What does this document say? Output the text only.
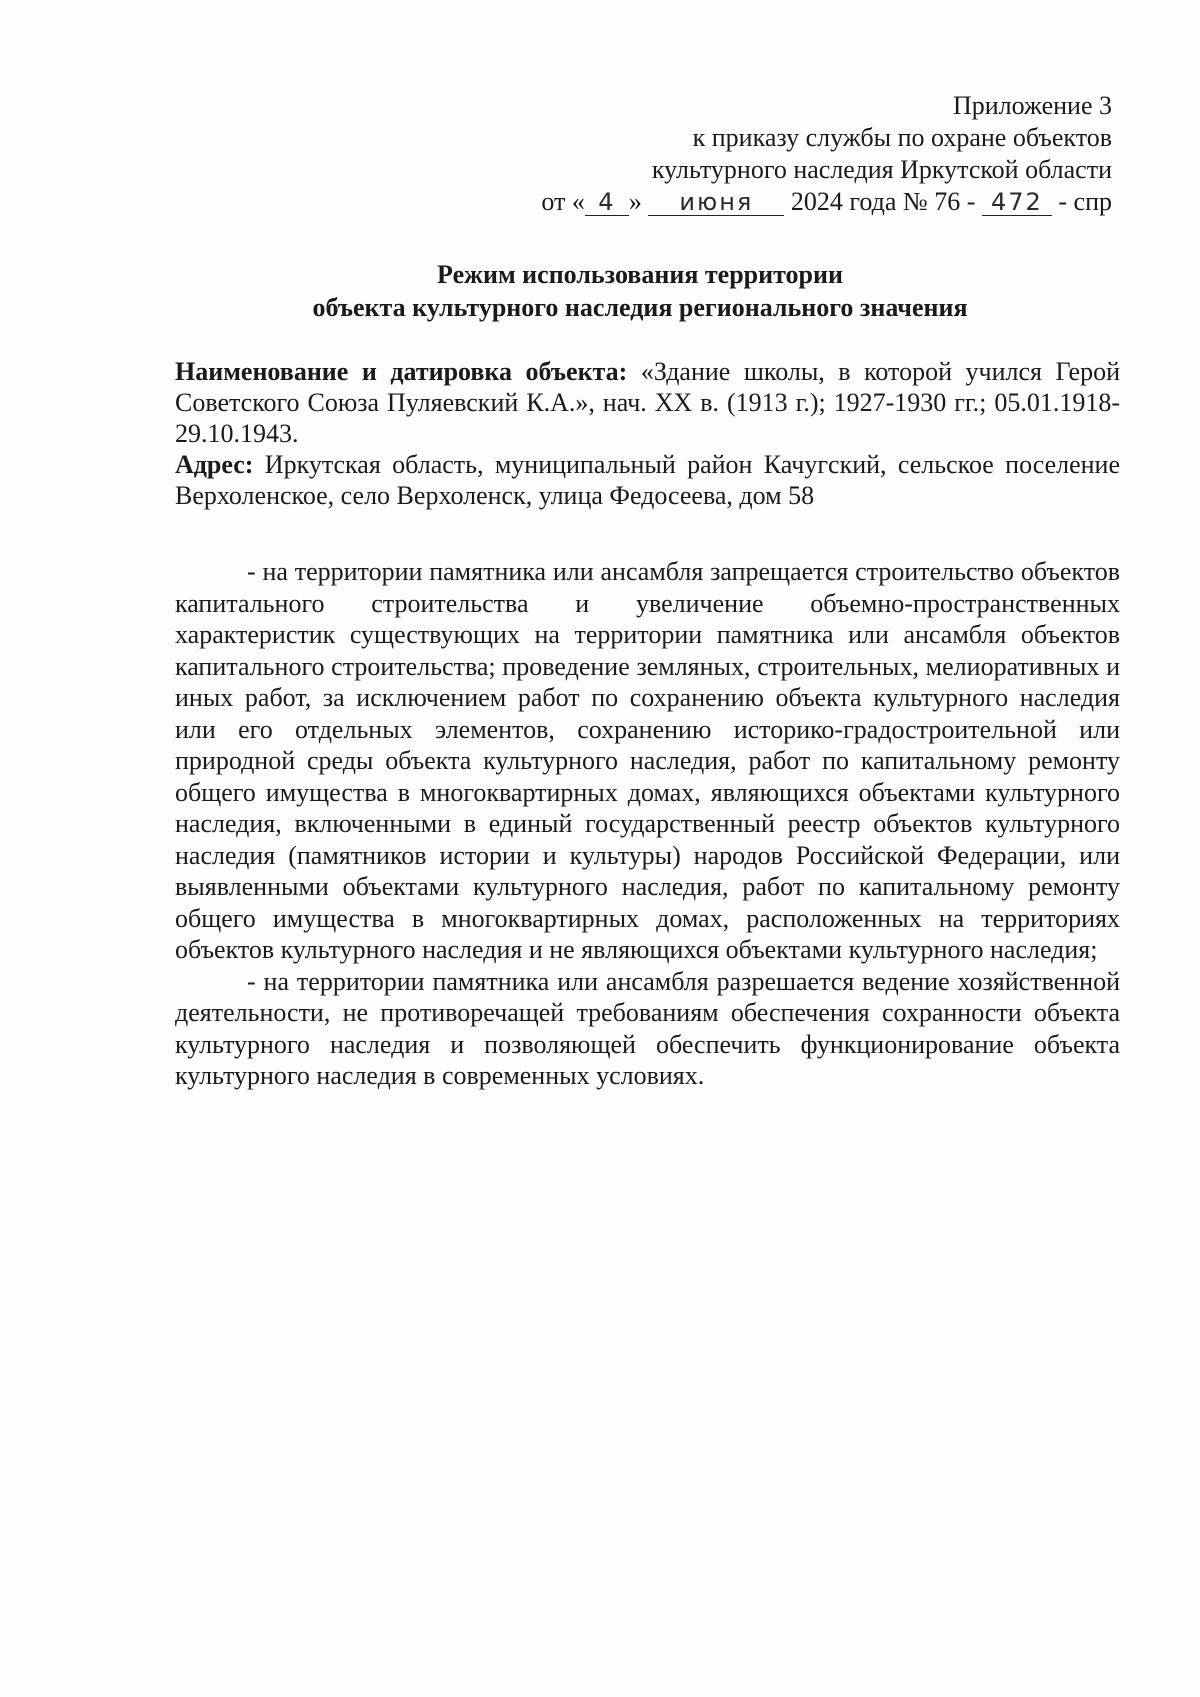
Приложение 3
к приказу службы по охране объектов
культурного наследия Иркутской области
от « 4 » июня 2024 года № 76 - 472 - спр
Режим использования территории
объекта культурного наследия регионального значения

Наименование и датировка объекта: «Здание школы, в которой учился Герой Советского Союза Пуляевский К.А.», нач. XX в. (1913 г.); 1927-1930 гг.; 05.01.1918-29.10.1943.

Адрес: Иркутская область, муниципальный район Качугский, сельское поселение Верхоленское, село Верхоленск, улица Федосеева, дом 58

- на территории памятника или ансамбля запрещается строительство объектов капитального строительства и увеличение объемно-пространственных характеристик существующих на территории памятника или ансамбля объектов капитального строительства; проведение земляных, строительных, мелиоративных и иных работ, за исключением работ по сохранению объекта культурного наследия или его отдельных элементов, сохранению историко-градостроительной или природной среды объекта культурного наследия, работ по капитальному ремонту общего имущества в многоквартирных домах, являющихся объектами культурного наследия, включенными в единый государственный реестр объектов культурного наследия (памятников истории и культуры) народов Российской Федерации, или выявленными объектами культурного наследия, работ по капитальному ремонту общего имущества в многоквартирных домах, расположенных на территориях объектов культурного наследия и не являющихся объектами культурного наследия;

- на территории памятника или ансамбля разрешается ведение хозяйственной деятельности, не противоречащей требованиям обеспечения сохранности объекта культурного наследия и позволяющей обеспечить функционирование объекта культурного наследия в современных условиях.
